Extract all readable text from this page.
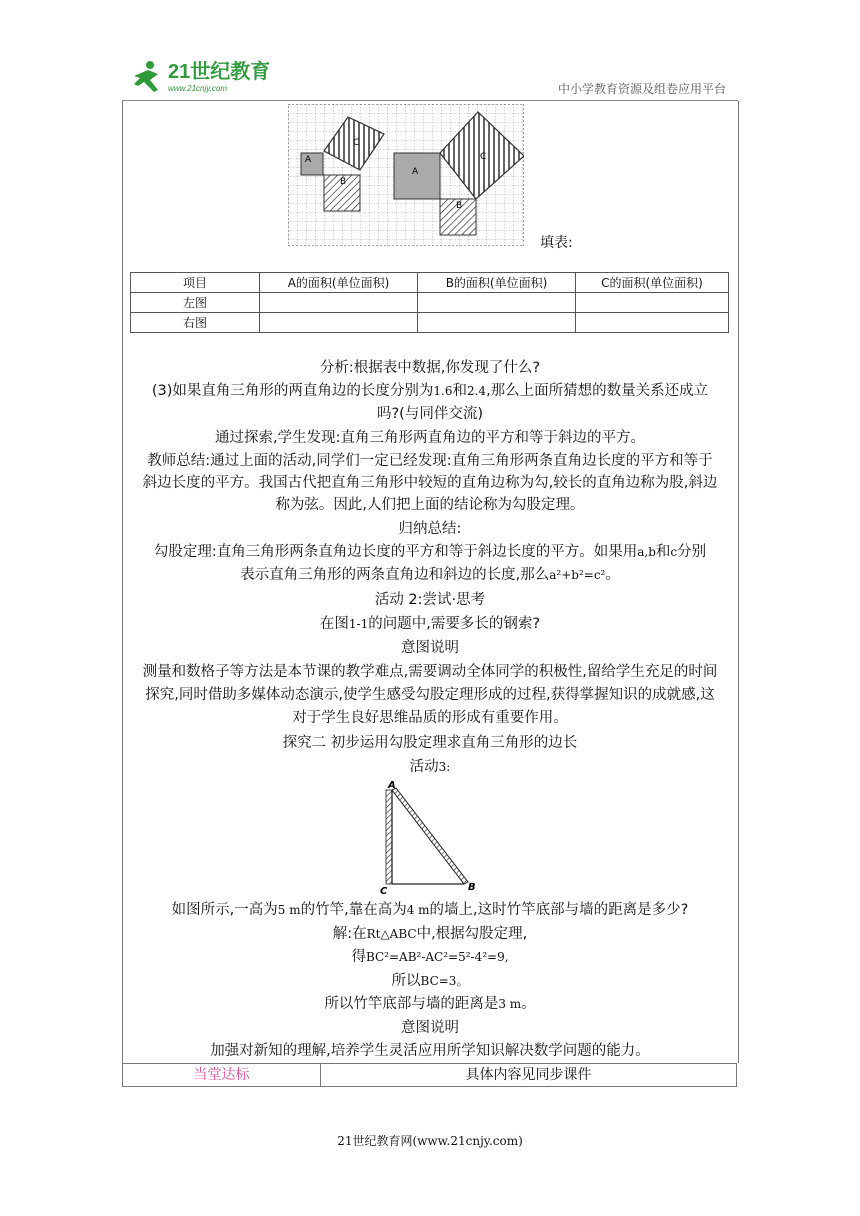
21世纪教育
www.21cnjy.com	中小学教育资源及组卷应用平台
A
B
C
A
B
C
填表:
项目	A的面积(单位面积)	B的面积(单位面积)	C的面积(单位面积)
左图			
右图			
分析:根据表中数据,你发现了什么?
(3)如果直角三角形的两直角边的长度分别为1.6和2.4,那么上面所猜想的数量关系还成立
吗?(与同伴交流)
通过探索,学生发现:直角三角形两直角边的平方和等于斜边的平方。
教师总结:通过上面的活动,同学们一定已经发现:直角三角形两条直角边长度的平方和等于
斜边长度的平方。我国古代把直角三角形中较短的直角边称为勾,较长的直角边称为股,斜边
称为弦。因此,人们把上面的结论称为勾股定理。
归纳总结:
勾股定理:直角三角形两条直角边长度的平方和等于斜边长度的平方。如果用a,b和c分别
表示直角三角形的两条直角边和斜边的长度,那么a²+b²=c²。
活动 2:尝试·思考
在图1-1的问题中,需要多长的钢索?
意图说明
测量和数格子等方法是本节课的教学难点,需要调动全体同学的积极性,留给学生充足的时间
探究,同时借助多媒体动态演示,使学生感受勾股定理形成的过程,获得掌握知识的成就感,这
对于学生良好思维品质的形成有重要作用。
探究二 初步运用勾股定理求直角三角形的边长
活动3:
A
B
C
如图所示,一高为5 m的竹竿,靠在高为4 m的墙上,这时竹竿底部与墙的距离是多少?
解:在Rt△ABC中,根据勾股定理,
得BC²=AB²-AC²=5²-4²=9,
所以BC=3。
所以竹竿底部与墙的距离是3 m。
意图说明
加强对新知的理解,培养学生灵活应用所学知识解决数学问题的能力。
当堂达标	具体内容见同步课件
21世纪教育网(www.21cnjy.com)
